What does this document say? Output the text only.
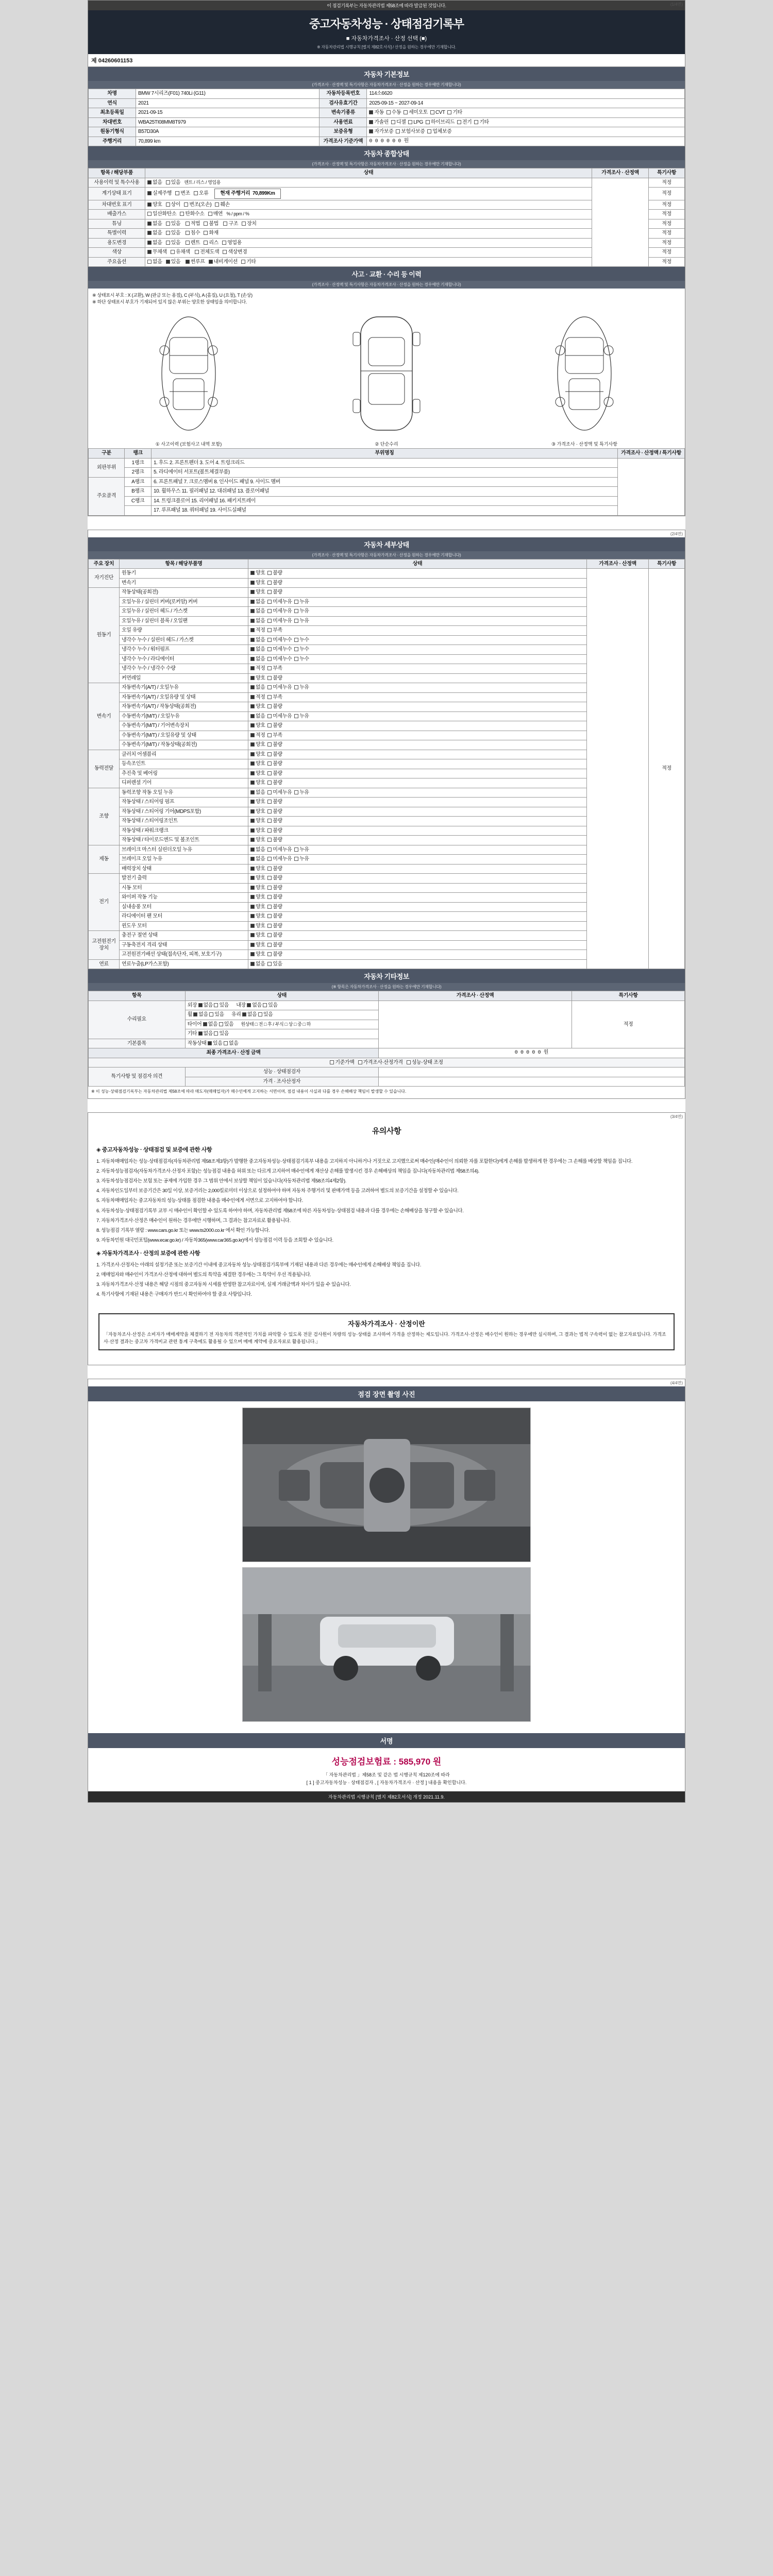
이 점검기록부는 자동차관리법 제58조에 따라 발급된 것입니다.	(1/4면)
중고자동차성능 · 상태점검기록부
■ 자동차가격조사 · 산정 선택 (■)
※ 자동차관리법 시행규칙 [별지 제82호서식] / 산정을 원하는 경우에만 기재합니다.
제 04260601153
자동차 기본정보
(가격조사 · 산정액 및 특기사항은 자동차가격조사 · 산정을 원하는 경우에만 기재합니다)
차명	BMW 7시리즈(F01) 740Li (G11)	자동차등록번호	114소6620
연식	2021	검사유효기간	2025-09-15 ~ 2027-09-14
최초등록일	2021-09-15	변속기종류	자동 수동 세미오토 CVT 기타
차대번호	WBA25TI08MM8T979	사용연료	가솔린 디젤 LPG 하이브리드 전기 기타
원동기형식	B57D30A	보증유형	자가보증 보험사보증 업체보증
주행거리	70,899 km	가격조사 기준가액	0 0 0 0 0 0 원
자동차 종합상태
(가격조사 · 산정액 및 특기사항은 자동차가격조사 · 산정을 원하는 경우에만 기재합니다)
항목 / 해당부품	상태	가격조사 · 산정액	특기사항
사용이력 및 특수사용	없음 있음 렌트 / 리스 / 영업용		적정
계기상태 표기	실제주행 변조 오류 현재 주행거리 70,899Km		적정
차대번호 표기	양호 상이 변조(오손) 훼손		적정
배출가스	일산화탄소 탄화수소 매연 % / ppm / %		적정
튜닝	없음 있음 적법 불법 구조 장치		적정
특별이력	없음 있음 침수 화재		적정
용도변경	없음 있음 렌트 리스 영업용		적정
색상	무채색 유채색 전체도색 색상변경		적정
주요옵션	없음 있음 썬루프 내비게이션 기타		적정
사고 · 교환 · 수리 등 이력
(가격조사 · 산정액 및 특기사항은 자동차가격조사 · 산정을 원하는 경우에만 기재합니다)
※ 상태표시 부호 : X (교환), W (판금 또는 용접), C (부식), A (흠집), U (요철), T (손상)
※ 하단 상태표시 부호가 기재되어 있지 않은 부위는 양호한 상태임을 의미합니다.
① 사고이력 (보험사고 내역 포함)	② 단순수리	③ 가격조사 · 산정액 및 특기사항
구분	랭크	부위명칭	가격조사 · 산정액 / 특기사항
외판부위	1랭크	1. 후드 2. 프론트펜더 3. 도어 4. 트렁크리드	
	2랭크	5. 라디에이터 서포트(볼트체결부품)	
주요골격	A랭크	6. 프론트패널 7. 크로스멤버 8. 인사이드 패널 9. 사이드 멤버	
	B랭크	10. 휠하우스 11. 필러패널 12. 대쉬패널 13. 플로어패널	
	C랭크	14. 트렁크플로어 15. 리어패널 16. 패키지트레이	
		17. 루프패널 18. 쿼터패널 19. 사이드실패널	
(2/4면)
자동차 세부상태
(가격조사 · 산정액 및 특기사항은 자동차가격조사 · 산정을 원하는 경우에만 기재합니다)
주요 장치	항목 / 해당부품명	상태	가격조사 · 산정액	특기사항
자기진단	원동기	양호 불량		적정
	변속기	양호 불량		
원동기	작동상태(공회전)	양호 불량		
	오일누유 / 실린더 커버(로커암) 커버	없음 미세누유 누유		
	오일누유 / 실린더 헤드 / 가스켓	없음 미세누유 누유		
	오일누유 / 실린더 블록 / 오일팬	없음 미세누유 누유		
	오일 유량	적정 부족		
	냉각수 누수 / 실린더 헤드 / 가스켓	없음 미세누수 누수		
	냉각수 누수 / 워터펌프	없음 미세누수 누수		
	냉각수 누수 / 라디에이터	없음 미세누수 누수		
	냉각수 누수 / 냉각수 수량	적정 부족		
	커먼레일	양호 불량		
변속기	자동변속기(A/T) / 오일누유	없음 미세누유 누유		
	자동변속기(A/T) / 오일유량 및 상태	적정 부족		
	자동변속기(A/T) / 작동상태(공회전)	양호 불량		
	수동변속기(M/T) / 오일누유	없음 미세누유 누유		
	수동변속기(M/T) / 기어변속장치	양호 불량		
	수동변속기(M/T) / 오일유량 및 상태	적정 부족		
	수동변속기(M/T) / 작동상태(공회전)	양호 불량		
동력전달	클러치 어셈블리	양호 불량		
	등속조인트	양호 불량		
	추진축 및 베어링	양호 불량		
	디퍼렌셜 기어	양호 불량		
조향	동력조향 작동 오일 누유	없음 미세누유 누유		
	작동상태 / 스티어링 펌프	양호 불량		
	작동상태 / 스티어링 기어(MDPS포함)	양호 불량		
	작동상태 / 스티어링조인트	양호 불량		
	작동상태 / 파워크랭크	양호 불량		
	작동상태 / 타이로드엔드 및 볼조인트	양호 불량		
제동	브레이크 마스터 실린더오일 누유	없음 미세누유 누유		
	브레이크 오일 누유	없음 미세누유 누유		
	배력장치 상태	양호 불량		
전기	발전기 출력	양호 불량		
	시동 모터	양호 불량		
	와이퍼 작동 기능	양호 불량		
	실내송풍 모터	양호 불량		
	라디에이터 팬 모터	양호 불량		
	윈도우 모터	양호 불량		
고전원전기장치	충전구 절연 상태	양호 불량		
	구동축전지 격리 상태	양호 불량		
	고전원전기배선 상태(접속단자, 피복, 보호기구)	양호 불량		
연료	연료누출(LP가스포함)	없음 있음		
자동차 기타정보
(※ 항목은 자동차가격조사 · 산정을 원하는 경우에만 기재합니다)
항목	상태	가격조사 · 산정액	특기사항
수리필요	외장 없음 있음 내장 없음 있음		적정
	휠 없음 있음 유리 없음 있음		
	타이어 없음 있음 원상태 □ 전 □ 후 / 부식 □ 상 □ 중 □ 하		
	기타 없음 있음		
기본품목	작동상태 있음 없음		
최종 가격조사 · 산정 금액		0 0 0 0 0 원	
기준가액 가격조사·산정가격 성능·상태 조정			
특기사항 및 점검자 의견	성능 · 상태점검자		
	가격 · 조사산정자		
※ 이 성능·상태점검기록부는 자동차관리법 제58조에 따라 매도자(매매업자)가 매수인에게 고지하는 서면이며, 점검 내용이 사실과 다를 경우 손해배상 책임이 발생할 수 있습니다.
(3/4면)
유의사항
◈ 중고자동차성능 · 상태점검 및 보증에 관한 사항

1. 자동차매매업자는 성능·상태점검자(자동차관리법 제58조제3항)가 발행한 중고자동차성능·상태점검기록부 내용을 고지하지 아니하거나 거짓으로 고지했으로써 매수인(매수인이 의뢰한 자를 포함한다)에게 손해를 발생하게 한 경우에는 그 손해를 배상할 책임을 집니다.

2. 자동차성능점검자(자동차가격조사·산정자 포함)는 성능점검 내용을 허위 또는 다르게 고지하여 매수인에게 재산상 손해를 발생시킨 경우 손해배상의 책임을 집니다(자동차관리법 제58조의4).

3. 자동차성능점검자는 보험 또는 공제에 가입한 경우 그 범위 안에서 보상할 책임이 있습니다(자동차관리법 제58조의4제2항).

4. 자동차인도일부터 보증기간은 30일 이상, 보증거리는 2,000킬로미터 이상으로 설정하여야 하며 자동차 주행거리 및 판매가액 등을 고려하여 별도의 보증기간을 설정할 수 있습니다.

5. 자동차매매업자는 중고자동차의 성능·상태를 점검한 내용을 매수인에게 서면으로 고지하여야 합니다.

6. 자동차성능·상태점검기록부 교부 시 매수인이 확인할 수 있도록 하여야 하며, 자동차관리법 제58조에 따른 자동차성능·상태점검 내용과 다를 경우에는 손해배상을 청구할 수 있습니다.

7. 자동차가격조사·산정은 매수인이 원하는 경우에만 시행하며, 그 결과는 참고자료로 활용됩니다.

8. 성능점검 기록부 열람 : www.cars.go.kr 또는 www.ts2000.co.kr 에서 확인 가능합니다.

9. 자동차민원 대국민포털(www.ecar.go.kr) / 자동차365(www.car365.go.kr)에서 성능점검 이력 등을 조회할 수 있습니다.

◈ 자동차가격조사 · 산정의 보증에 관한 사항

1. 가격조사·산정자는 아래의 설정기준 또는 보증기간 이내에 중고자동차 성능·상태점검기록부에 기재된 내용과 다른 경우에는 매수인에게 손해배상 책임을 집니다.

2. 매매업자와 매수인이 가격조사·산정에 대하여 별도의 특약을 체결한 경우에는 그 특약이 우선 적용됩니다.

3. 자동차가격조사·산정 내용은 해당 시점의 중고자동차 시세를 반영한 참고자료이며, 실제 거래금액과 차이가 있을 수 있습니다.

4. 특기사항에 기재된 내용은 구매자가 반드시 확인하여야 할 중요 사항입니다.

자동차가격조사 · 산정이란
「자동차조사·산정은 소비자가 매매계약을 체결하기 전 자동차의 객관적인 가치를 파악할 수 있도록 전문 검사원이 차량의 성능·상태를 조사하여 가격을 산정하는 제도입니다. 가격조사·산정은 매수인이 원하는 경우에만 실시하며, 그 결과는 법적 구속력이 없는 참고자료입니다. 가격조사·산정 결과는 중고차 가격비교 관련 통계 구축에도 활용될 수 있으며 매매 계약에 중요자료로 활용됩니다.」
(4/4면)
점검 장면 촬영 사진
서명
성능점검보험료 : 585,970 원
「 자동차관리법 」제58조 및 같은 법 시행규칙 제120조에 따라
[ 1 ] 중고자동차성능 · 상태점검자 , [ 자동차가격조사 · 산정 ] 내용을 확인합니다.
자동차관리법 시행규칙 [별지 제82호서식] 개정 2021.11.9.
